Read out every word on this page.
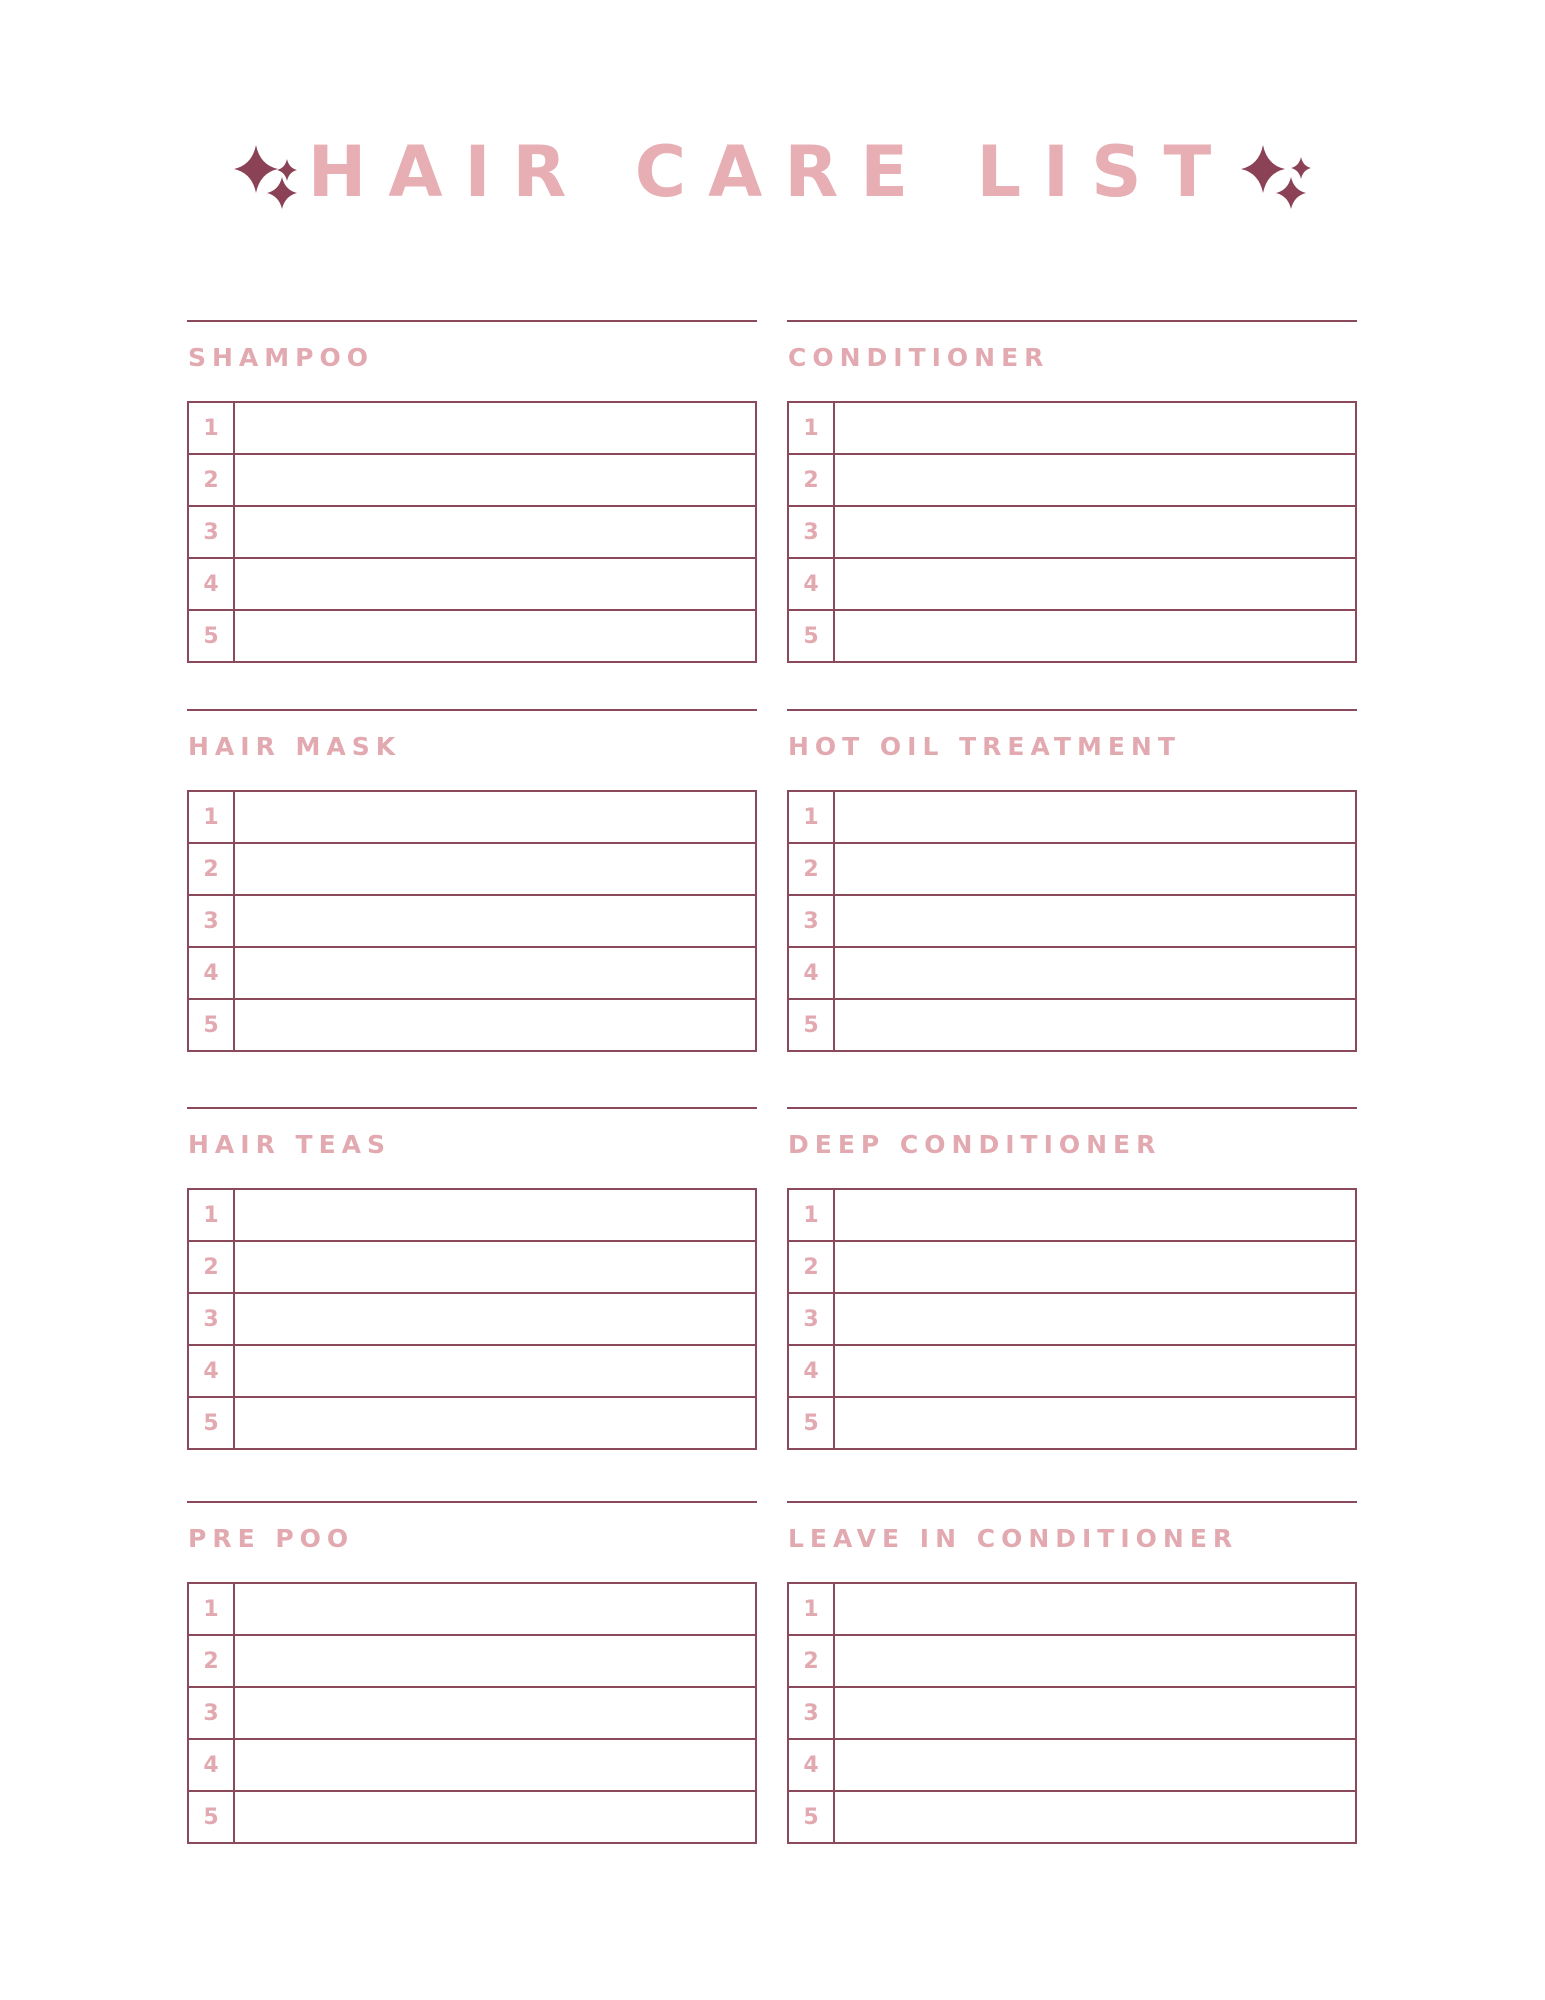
HAIR CARE LIST
SHAMPOO
1
2
3
4
5
CONDITIONER
1
2
3
4
5
HAIR MASK
1
2
3
4
5
HOT OIL TREATMENT
1
2
3
4
5
HAIR TEAS
1
2
3
4
5
DEEP CONDITIONER
1
2
3
4
5
PRE POO
1
2
3
4
5
LEAVE IN CONDITIONER
1
2
3
4
5
